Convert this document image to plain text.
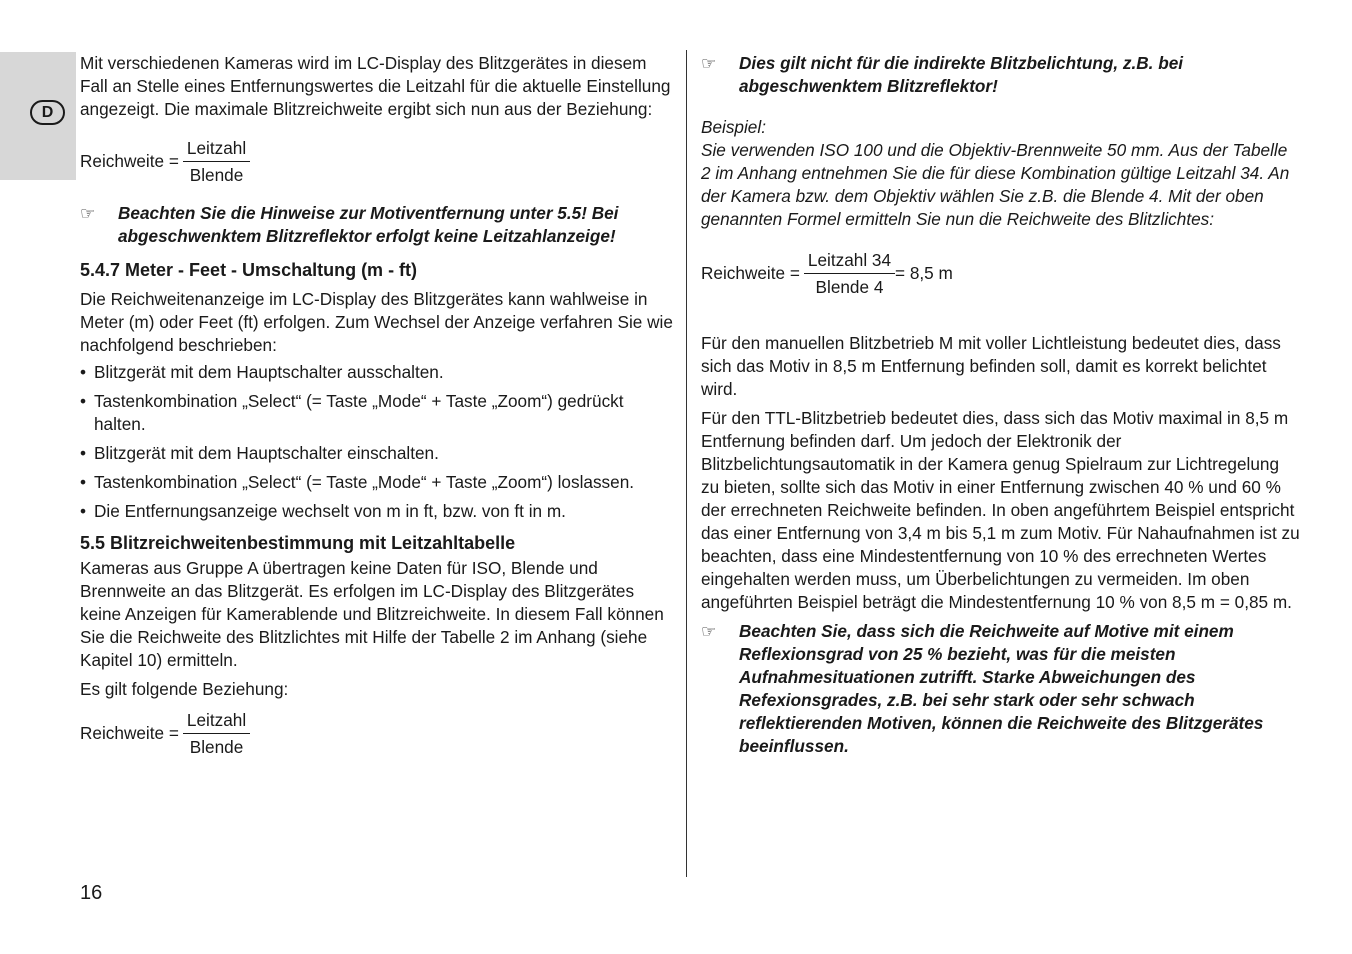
D

Mit verschiedenen Kameras wird im LC-Display des Blitzgerätes in diesem Fall an Stelle eines Entfernungswertes die Leitzahl für die aktuelle Einstellung angezeigt. Die maximale Blitzreichweite ergibt sich nun aus der Beziehung:

Reichweite = $\frac{\text{Leitzahl}}{\text{Blende}}$
☞	Beachten Sie die Hinweise zur Motiventfernung unter 5.5! Bei abgeschwenktem Blitzreflektor erfolgt keine Leitzahlanzeige!
5.4.7 Meter - Feet - Umschaltung (m - ft)

Die Reichweitenanzeige im LC-Display des Blitzgerätes kann wahlweise in Meter (m) oder Feet (ft) erfolgen. Zum Wechsel der Anzeige verfahren Sie wie nachfolgend beschrieben:

• Blitzgerät mit dem Hauptschalter ausschalten.
• Tastenkombination „Select“ (= Taste „Mode“ + Taste „Zoom“) gedrückt halten.
• Blitzgerät mit dem Hauptschalter einschalten.
• Tastenkombination „Select“ (= Taste „Mode“ + Taste „Zoom“) loslassen.
• Die Entfernungsanzeige wechselt von m in ft, bzw. von ft in m.
5.5 Blitzreichweitenbestimmung mit Leitzahltabelle

Kameras aus Gruppe A übertragen keine Daten für ISO, Blende und Brennweite an das Blitzgerät. Es erfolgen im LC-Display des Blitzgerätes keine Anzeigen für Kamerablende und Blitzreichweite. In diesem Fall können Sie die Reichweite des Blitzlichtes mit Hilfe der Tabelle 2 im Anhang (siehe Kapitel 10) ermitteln.

Es gilt folgende Beziehung:

Reichweite = $\frac{\text{Leitzahl}}{\text{Blende}}$
☞	Dies gilt nicht für die indirekte Blitzbelichtung, z.B. bei abgeschwenktem Blitzreflektor!

Beispiel:

Sie verwenden ISO 100 und die Objektiv-Brennweite 50 mm. Aus der Tabelle 2 im Anhang entnehmen Sie die für diese Kombination gültige Leitzahl 34. An der Kamera bzw. dem Objektiv wählen Sie z.B. die Blende 4. Mit der oben genannten Formel ermitteln Sie nun die Reichweite des Blitzlichtes:

Reichweite = $\frac{\text{Leitzahl 34}}{\text{Blende 4}} = 8,5$ m

Für den manuellen Blitzbetrieb M mit voller Lichtleistung bedeutet dies, dass sich das Motiv in 8,5 m Entfernung befinden soll, damit es korrekt belichtet wird.

Für den TTL-Blitzbetrieb bedeutet dies, dass sich das Motiv maximal in 8,5 m Entfernung befinden darf. Um jedoch der Elektronik der Blitzbelichtungsautomatik in der Kamera genug Spielraum zur Lichtregelung zu bieten, sollte sich das Motiv in einer Entfernung zwischen 40 % und 60 % der errechneten Reichweite befinden. In oben angeführtem Beispiel entspricht das einer Entfernung von 3,4 m bis 5,1 m zum Motiv. Für Nahaufnahmen ist zu beachten, dass eine Mindestentfernung von 10 % des errechneten Wertes eingehalten werden muss, um Überbelichtungen zu vermeiden. Im oben angeführten Beispiel beträgt die Mindestentfernung 10 % von 8,5 m = 0,85 m.

☞	Beachten Sie, dass sich die Reichweite auf Motive mit einem Reflexionsgrad von 25 % bezieht, was für die meisten Aufnahmesituationen zutrifft. Starke Abweichungen des Refexionsgrades, z.B. bei sehr stark oder sehr schwach reflektierenden Motiven, können die Reichweite des Blitzgerätes beeinflussen.
16
